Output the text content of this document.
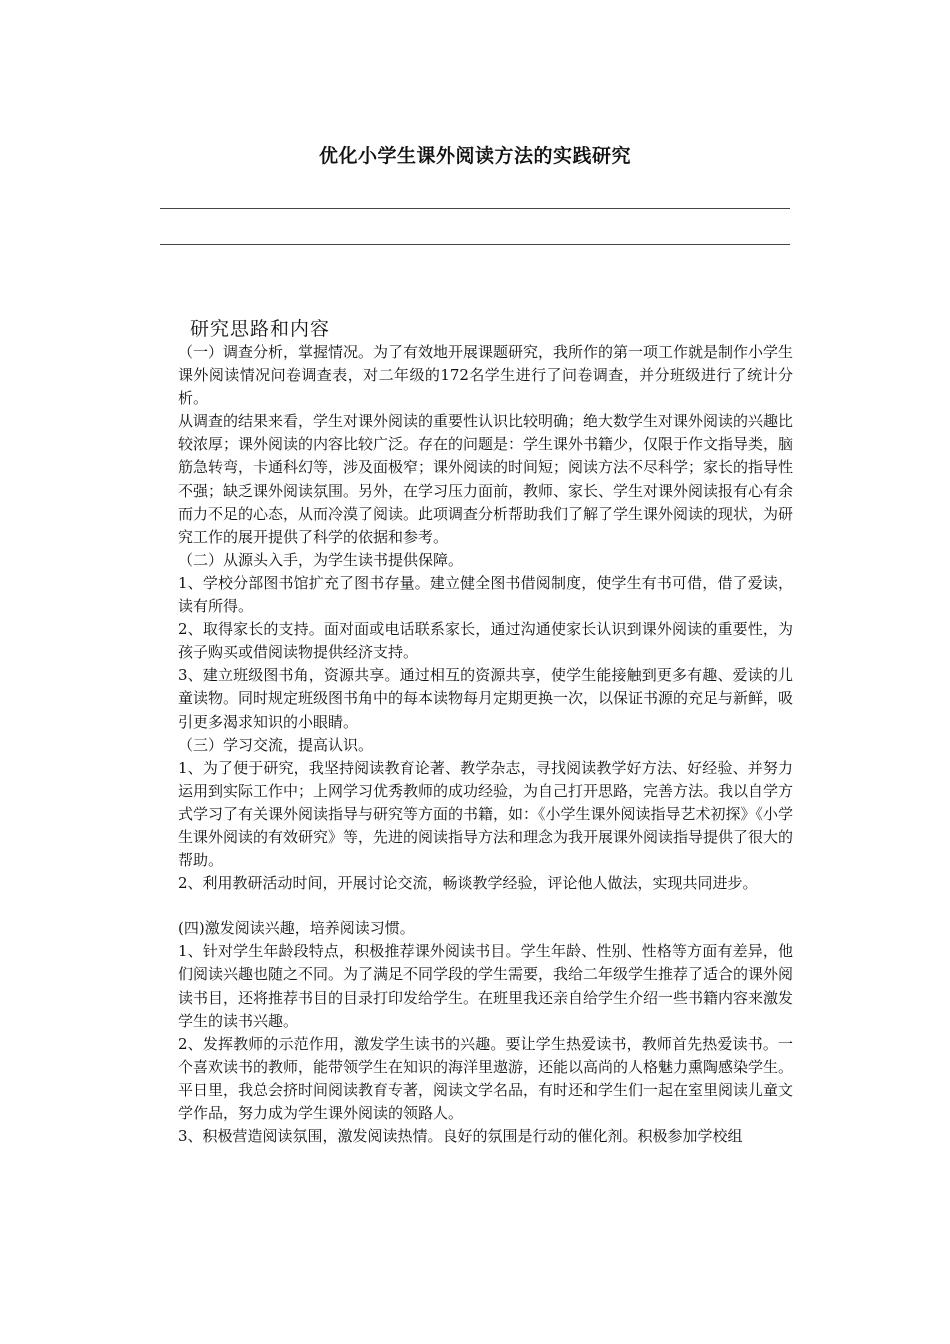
优化小学生课外阅读方法的实践研究
研究思路和内容

（一）调查分析，掌握情况。为了有效地开展课题研究，我所作的第一项工作就是制作小学生课外阅读情况问卷调查表，对二年级的172名学生进行了问卷调查，并分班级进行了统计分析。

从调查的结果来看，学生对课外阅读的重要性认识比较明确；绝大数学生对课外阅读的兴趣比较浓厚；课外阅读的内容比较广泛。存在的问题是：学生课外书籍少，仅限于作文指导类，脑筋急转弯，卡通科幻等，涉及面极窄；课外阅读的时间短；阅读方法不尽科学；家长的指导性不强；缺乏课外阅读氛围。另外，在学习压力面前，教师、家长、学生对课外阅读报有心有余而力不足的心态，从而冷漠了阅读。此项调查分析帮助我们了解了学生课外阅读的现状，为研究工作的展开提供了科学的依据和参考。

（二）从源头入手，为学生读书提供保障。

1、学校分部图书馆扩充了图书存量。建立健全图书借阅制度，使学生有书可借，借了爱读，读有所得。

2、取得家长的支持。面对面或电话联系家长，通过沟通使家长认识到课外阅读的重要性，为孩子购买或借阅读物提供经济支持。

3、建立班级图书角，资源共享。通过相互的资源共享，使学生能接触到更多有趣、爱读的儿童读物。同时规定班级图书角中的每本读物每月定期更换一次，以保证书源的充足与新鲜，吸引更多渴求知识的小眼睛。

（三）学习交流，提高认识。

1、为了便于研究，我坚持阅读教育论著、教学杂志，寻找阅读教学好方法、好经验、并努力运用到实际工作中；上网学习优秀教师的成功经验，为自己打开思路，完善方法。我以自学方式学习了有关课外阅读指导与研究等方面的书籍，如：《小学生课外阅读指导艺术初探》《小学生课外阅读的有效研究》等，先进的阅读指导方法和理念为我开展课外阅读指导提供了很大的帮助。

2、利用教研活动时间，开展讨论交流，畅谈教学经验，评论他人做法，实现共同进步。

(四)激发阅读兴趣，培养阅读习惯。

1、针对学生年龄段特点，积极推荐课外阅读书目。学生年龄、性别、性格等方面有差异，他们阅读兴趣也随之不同。为了满足不同学段的学生需要，我给二年级学生推荐了适合的课外阅读书目，还将推荐书目的目录打印发给学生。在班里我还亲自给学生介绍一些书籍内容来激发学生的读书兴趣。

2、发挥教师的示范作用，激发学生读书的兴趣。要让学生热爱读书，教师首先热爱读书。一个喜欢读书的教师，能带领学生在知识的海洋里遨游，还能以高尚的人格魅力熏陶感染学生。平日里，我总会挤时间阅读教育专著，阅读文学名品，有时还和学生们一起在室里阅读儿童文学作品，努力成为学生课外阅读的领路人。

3、积极营造阅读氛围，激发阅读热情。良好的氛围是行动的催化剂。积极参加学校组
